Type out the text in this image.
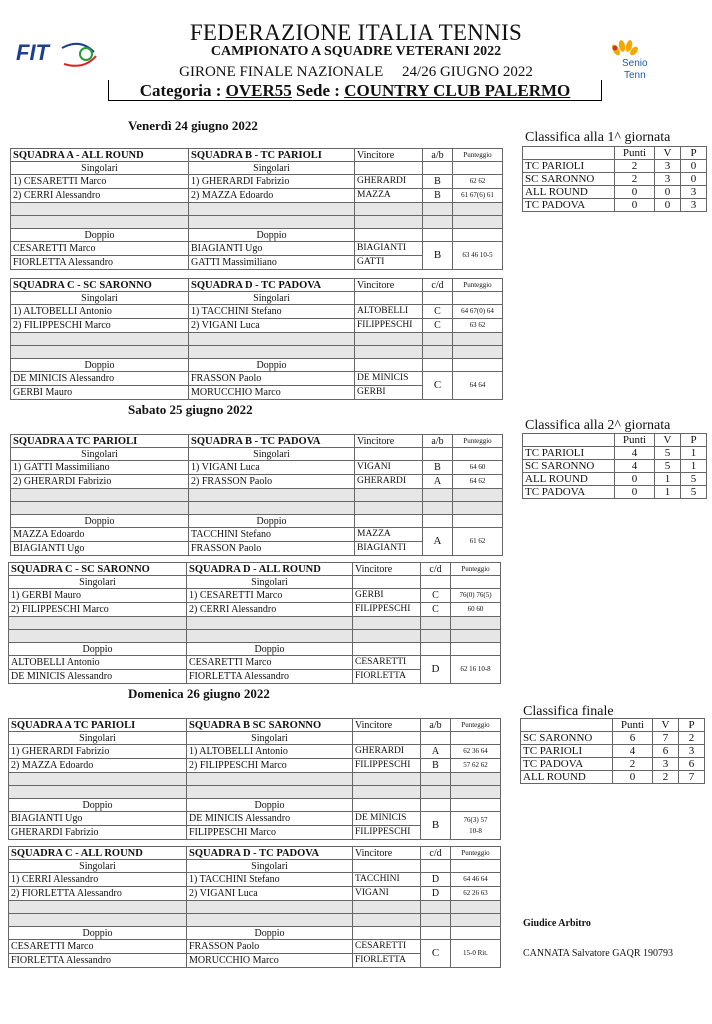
FIT
FEDERAZIONE ITALIA TENNIS
CAMPIONATO A SQUADRE VETERANI 2022
GIRONE FINALE NAZIONALE     24/26 GIUGNO 2022
Categoria : OVER55 Sede : COUNTRY CLUB PALERMO
Senio
Tenn
Venerdì 24 giugno 2022
Sabato 25 giugno 2022
Domenica 26 giugno 2022
SQUADRA A - ALL ROUND	SQUADRA B - TC PARIOLI	Vincitore	a/b	Punteggio
Singolari	Singolari			
1) CESARETTI Marco	1) GHERARDI Fabrizio	GHERARDI	B	62 62
2) CERRI Alessandro	2) MAZZA Edoardo	MAZZA	B	61 67(6) 61

Doppio	Doppio			
CESARETTI Marco	BIAGIANTI Ugo	BIAGIANTI	B	63 46 10-5

FIORLETTA Alessandro	GATTI Massimiliano	GATTI		
SQUADRA C - SC SARONNO	SQUADRA D - TC PADOVA	Vincitore	c/d	Punteggio
Singolari	Singolari			
1) ALTOBELLI Antonio	1) TACCHINI Stefano	ALTOBELLI	C	64 67(0) 64
2) FILIPPESCHI Marco	2) VIGANI Luca	FILIPPESCHI	C	63 62

Doppio	Doppio			
DE MINICIS Alessandro	FRASSON Paolo	DE MINICIS	C	64 64

GERBI Mauro	MORUCCHIO Marco	GERBI		
SQUADRA A TC PARIOLI	SQUADRA B - TC PADOVA	Vincitore	a/b	Punteggio
Singolari	Singolari			
1) GATTI Massimiliano	1) VIGANI Luca	VIGANI	B	64 60
2) GHERARDI Fabrizio	2) FRASSON Paolo	GHERARDI	A	64 62

Doppio	Doppio			
MAZZA Edoardo	TACCHINI Stefano	MAZZA	A	61 62

BIAGIANTI Ugo	FRASSON Paolo	BIAGIANTI		
SQUADRA C - SC SARONNO	SQUADRA D - ALL ROUND	Vincitore	c/d	Punteggio
Singolari	Singolari			
1) GERBI Mauro	1) CESARETTI Marco	GERBI	C	76(0) 76(5)
2) FILIPPESCHI Marco	2) CERRI Alessandro	FILIPPESCHI	C	60 60

Doppio	Doppio			
ALTOBELLI Antonio	CESARETTI Marco	CESARETTI	D	62 16 10-8

DE MINICIS Alessandro	FIORLETTA Alessandro	FIORLETTA		
SQUADRA A TC PARIOLI	SQUADRA B SC SARONNO	Vincitore	a/b	Punteggio
Singolari	Singolari			
1) GHERARDI Fabrizio	1) ALTOBELLI Antonio	GHERARDI	A	62 36 64
2) MAZZA Edoardo	2) FILIPPESCHI Marco	FILIPPESCHI	B	57 62 62

Doppio	Doppio			
BIAGIANTI Ugo	DE MINICIS Alessandro	DE MINICIS	B	76(3) 57
10-8

GHERARDI Fabrizio	FILIPPESCHI Marco	FILIPPESCHI		
SQUADRA C - ALL ROUND	SQUADRA D - TC PADOVA	Vincitore	c/d	Punteggio
Singolari	Singolari			
1) CERRI Alessandro	1) TACCHINI Stefano	TACCHINI	D	64 46 64
2) FIORLETTA Alessandro	2) VIGANI Luca	VIGANI	D	62 26 63

Doppio	Doppio			
CESARETTI Marco	FRASSON Paolo	CESARETTI	C	15-0 Rit.

FIORLETTA Alessandro	MORUCCHIO Marco	FIORLETTA		
Classifica alla 1^ giornata
	Punti	V	P
TC PARIOLI	2	3	0
SC SARONNO	2	3	0
ALL ROUND	0	0	3
TC PADOVA	0	0	3
Classifica alla 2^ giornata
	Punti	V	P
TC PARIOLI	4	5	1
SC SARONNO	4	5	1
ALL ROUND	0	1	5
TC PADOVA	0	1	5
Classifica finale
	Punti	V	P
SC SARONNO	6	7	2
TC PARIOLI	4	6	3
TC PADOVA	2	3	6
ALL ROUND	0	2	7
Giudice Arbitro
CANNATA Salvatore GAQR 190793
